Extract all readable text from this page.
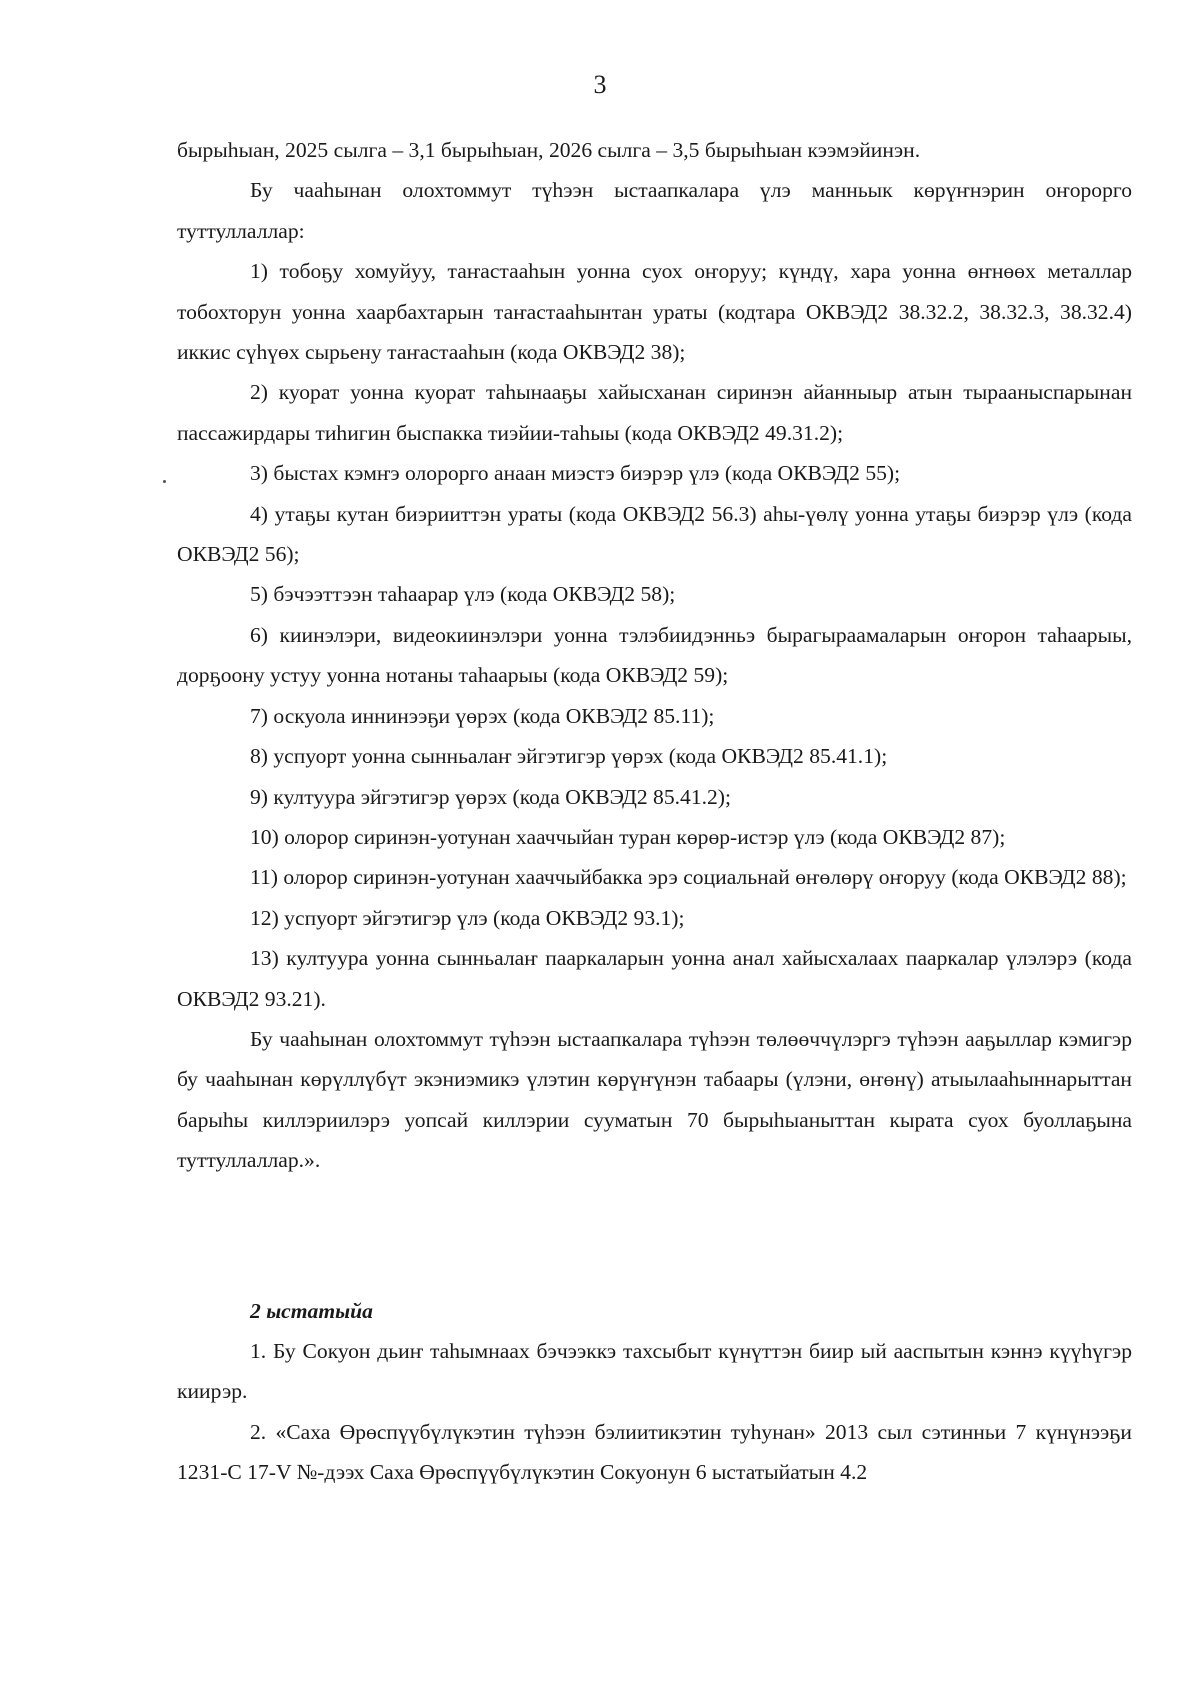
3

бырыһыан, 2025 сылга – 3,1 бырыһыан, 2026 сылга – 3,5 бырыһыан кээмэйинэн.

Бу чааһынан олохтоммут түһээн ыстаапкалара үлэ манньык көрүҥнэрин оҥорорго туттуллаллар:

1) тобоҕу хомуйуу, таҥастааһын уонна суох оҥоруу; күндү, хара уонна өҥнөөх металлар тобохторун уонна хаарбахтарын таҥастааһынтан ураты (кодтара ОКВЭД2 38.32.2, 38.32.3, 38.32.4) иккис сүһүөх сырьену таҥастааһын (кода ОКВЭД2 38);

2) куорат уонна куорат таһынааҕы хайысханан сиринэн айанныыр атын тырааныспарынан пассажирдары тиһигин быспакка тиэйии-таһыы (кода ОКВЭД2 49.31.2);

3) быстах кэмҥэ олорорго анаан миэстэ биэрэр үлэ (кода ОКВЭД2 55);

4) утаҕы кутан биэрииттэн ураты (кода ОКВЭД2 56.3) аһы-үөлү уонна утаҕы биэрэр үлэ (кода ОКВЭД2 56);

5) бэчээттээн таһаарар үлэ (кода ОКВЭД2 58);

6) киинэлэри, видеокиинэлэри уонна тэлэбиидэнньэ бырагыраамаларын оҥорон таһаарыы, дорҕоону устуу уонна нотаны таһаарыы (кода ОКВЭД2 59);

7) оскуола иннинээҕи үөрэх (кода ОКВЭД2 85.11);

8) успуорт уонна сынньалаҥ эйгэтигэр үөрэх (кода ОКВЭД2 85.41.1);

9) култуура эйгэтигэр үөрэх (кода ОКВЭД2 85.41.2);

10) олорор сиринэн-уотунан хааччыйан туран көрөр-истэр үлэ (кода ОКВЭД2 87);

11) олорор сиринэн-уотунан хааччыйбакка эрэ социальнай өҥөлөрү оҥоруу (кода ОКВЭД2 88);

12) успуорт эйгэтигэр үлэ (кода ОКВЭД2 93.1);

13) култуура уонна сынньалаҥ пааркаларын уонна анал хайысхалаах пааркалар үлэлэрэ (кода ОКВЭД2 93.21).

Бу чааһынан олохтоммут түһээн ыстаапкалара түһээн төлөөччүлэргэ түһээн ааҕыллар кэмигэр бу чааһынан көрүллүбүт экэниэмикэ үлэтин көрүҥүнэн табаары (үлэни, өҥөнү) атыылааһыннарыттан барыһы киллэриилэрэ уопсай киллэрии сууматын 70 бырыһыаныттан кырата суох буоллаҕына туттуллаллар.».

2 ыстатыйа

1. Бу Сокуон дьиҥ таһымнаах бэчээккэ тахсыбыт күнүттэн биир ый ааспытын кэннэ күүһүгэр киирэр.

2. «Саха Өрөспүүбүлүкэтин түһээн бэлиитикэтин туһунан» 2013 сыл сэтинньи 7 күнүнээҕи 1231-С 17-V №-дээх Саха Өрөспүүбүлүкэтин Сокуонун 6 ыстатыйатын 4.2
